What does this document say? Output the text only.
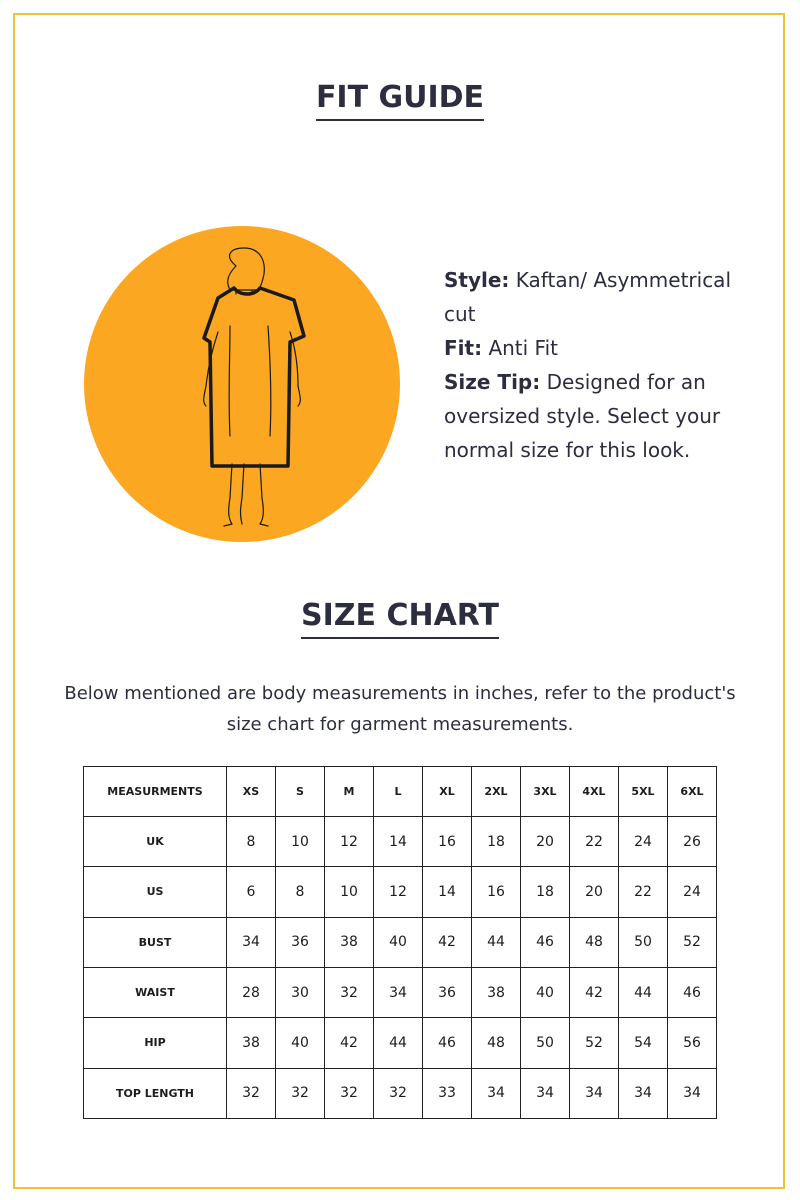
FIT GUIDE
Style: Kaftan/ Asymmetrical cut
Fit: Anti Fit
Size Tip: Designed for an oversized style. Select your normal size for this look.
SIZE CHART
Below mentioned are body measurements in inches, refer to the product's size chart for garment measurements.
MEASURMENTS	XS	S	M	L	XL	2XL	3XL	4XL	5XL	6XL
UK	8	10	12	14	16	18	20	22	24	26
US	6	8	10	12	14	16	18	20	22	24
BUST	34	36	38	40	42	44	46	48	50	52
WAIST	28	30	32	34	36	38	40	42	44	46
HIP	38	40	42	44	46	48	50	52	54	56
TOP LENGTH	32	32	32	32	33	34	34	34	34	34
